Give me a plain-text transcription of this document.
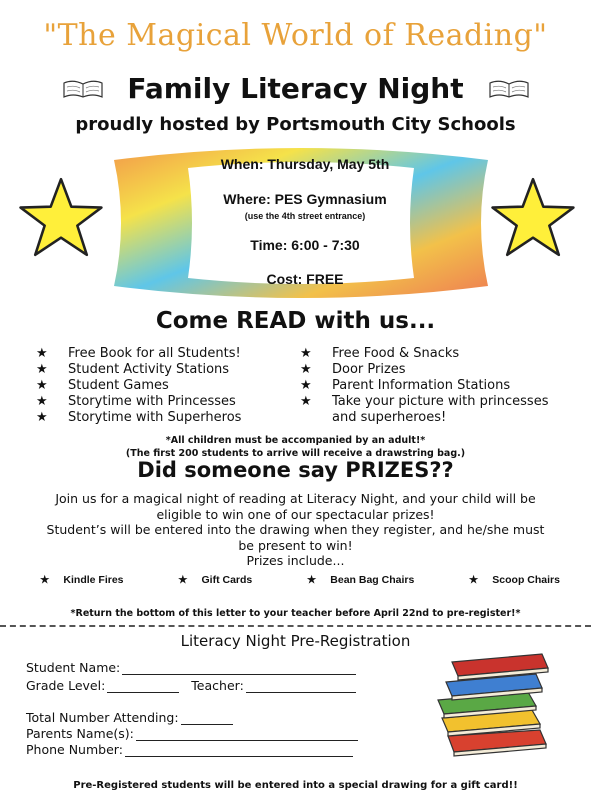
"The Magical World of Reading"
Family Literacy Night
proudly hosted by Portsmouth City Schools
When: Thursday, May 5th
Where: PES Gymnasium
(use the 4th street entrance)
Time: 6:00 - 7:30
Cost: FREE
Come READ with us...
★ Free Book for all Students!
★ Student Activity Stations
★ Student Games
★ Storytime with Princesses
★ Storytime with Superheros
★ Free Food & Snacks
★ Door Prizes
★ Parent Information Stations
★ Take your picture with princesses and superheroes!
*All children must be accompanied by an adult!*
(The first 200 students to arrive will receive a drawstring bag.)
Did someone say PRIZES??
Join us for a magical night of reading at Literacy Night, and your child will be eligible to win one of our spectacular prizes!
Student’s will be entered into the drawing when they register, and he/she must be present to win!
Prizes include...
★ Kindle Fires	★ Gift Cards	★ Bean Bag Chairs	★ Scoop Chairs
*Return the bottom of this letter to your teacher before April 22nd to pre-register!*
Literacy Night Pre-Registration
Student Name:
Grade Level:	Teacher:
Total Number Attending:
Parents Name(s):
Phone Number:
Pre-Registered students will be entered into a special drawing for a gift card!!
